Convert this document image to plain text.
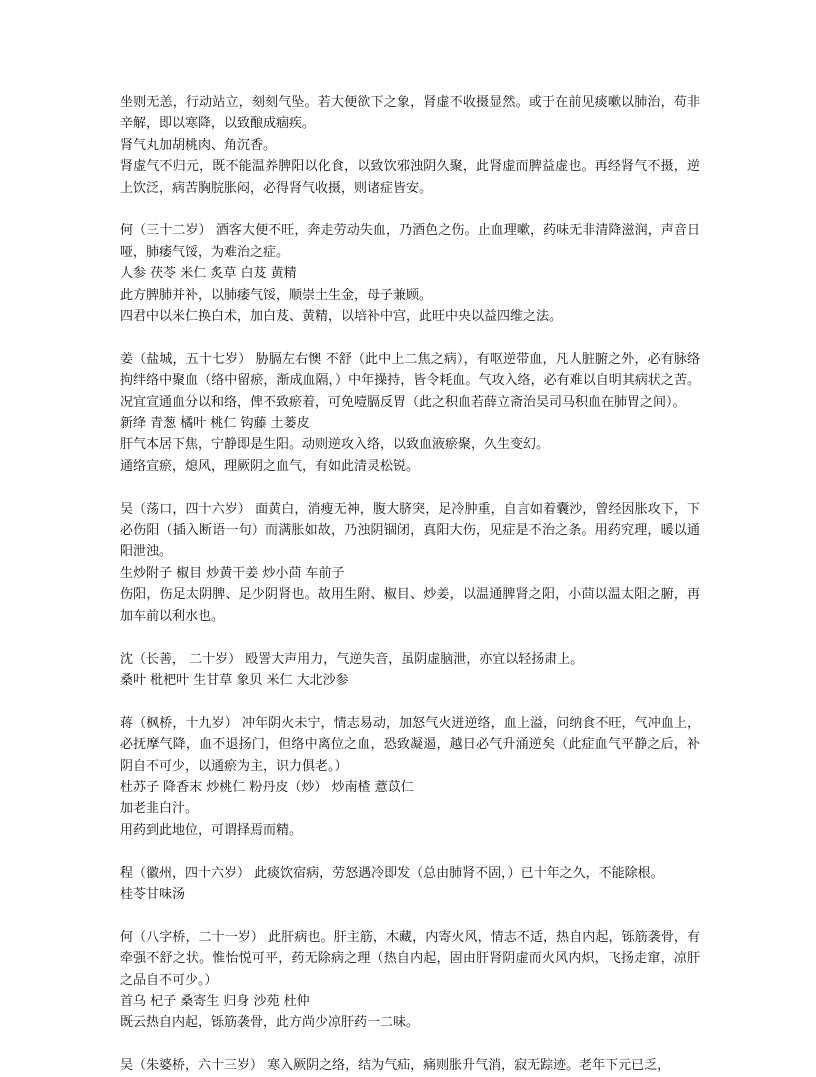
坐则无恙，行动站立，刻刻气坠。若大便欲下之象，肾虚不收摄显然。或于在前见痰嗽以肺治，苟非辛解，即以寒降，以致酿成痼疾。

肾气丸加胡桃肉、角沉香。

肾虚气不归元，既不能温养脾阳以化食，以致饮邪浊阴久聚，此肾虚而脾益虚也。再经肾气不摄，逆上饮泛，病苦胸脘胀闷，必得肾气收摄，则诸症皆安。

何（三十二岁） 酒客大便不旺，奔走劳动失血，乃酒色之伤。止血理嗽，药味无非清降滋润，声音日哑，肺痿气馁，为难治之症。

人参 茯苓 米仁 炙草 白芨 黄精

此方脾肺并补，以肺痿气馁，顺崇土生金，母子兼顾。

四君中以米仁换白术，加白芨、黄精，以培补中宫，此旺中央以益四维之法。

姜（盐城，五十七岁） 胁膈左右懊 不舒（此中上二焦之病），有呕逆带血，凡人脏腑之外，必有脉络拘绊络中聚血（络中留瘀，渐成血隔，）中年操持，皆令耗血。气攻入络，必有难以自明其病状之苦。况宜宣通血分以和络，俾不致瘀着，可免噎膈反胃（此之积血若薛立斋治吴司马积血在肺胃之间）。

新绛 青葱 橘叶 桃仁 钩藤 土蒌皮

肝气本居下焦，宁静即是生阳。动则逆攻入络，以致血液瘀聚，久生变幻。

通络宣瘀，熄风，理厥阴之血气，有如此清灵松锐。

吴（荡口，四十六岁） 面黄白，消瘦无神，腹大脐突，足冷肿重，自言如着囊沙，曾经因胀攻下，下必伤阳（插入断语一句）而满胀如故，乃浊阴锢闭，真阳大伤，见症是不治之条。用药究理，暖以通阳泄浊。

生炒附子 椒目 炒黄干姜 炒小茴 车前子

伤阳，伤足太阴脾、足少阴肾也。故用生附、椒目、炒姜，以温通脾肾之阳，小茴以温太阳之腑，再加车前以利水也。

沈（长善， 二十岁） 殴詈大声用力，气逆失音，虽阴虚脑泄，亦宜以轻扬肃上。

桑叶 枇杷叶 生甘草 象贝 米仁 大北沙参

蒋（枫桥，十九岁） 冲年阴火未宁，情志易动，加怒气火迸逆络，血上溢，问纳食不旺，气冲血上，必抚摩气降，血不退扬门，但络中离位之血，恐致凝遏，越日必气升涌逆矣（此症血气平静之后，补阴自不可少，以通瘀为主，识力俱老。）

杜苏子 降香末 炒桃仁 粉丹皮（炒） 炒南楂 薏苡仁

加老韭白汁。

用药到此地位，可谓择焉而精。

程（徽州，四十六岁） 此痰饮宿病，劳怒遇冷即发（总由肺肾不固，）已十年之久，不能除根。

桂苓甘味汤

何（八字桥，二十一岁） 此肝病也。肝主筋，木藏，内寄火风，情志不适，热自内起，铄筋袭骨，有牵强不舒之状。惟怡悦可平，药无除病之理（热自内起，固由肝肾阴虚而火风内炽，飞扬走窜，凉肝之品自不可少。）

首乌 杞子 桑寄生 归身 沙苑 杜仲

既云热自内起，铄筋袭骨，此方尚少凉肝药一二味。

吴（朱婆桥，六十三岁） 寒入厥阴之络，结为气疝，痛则胀升气消，寂无踪迹。老年下元已乏，
